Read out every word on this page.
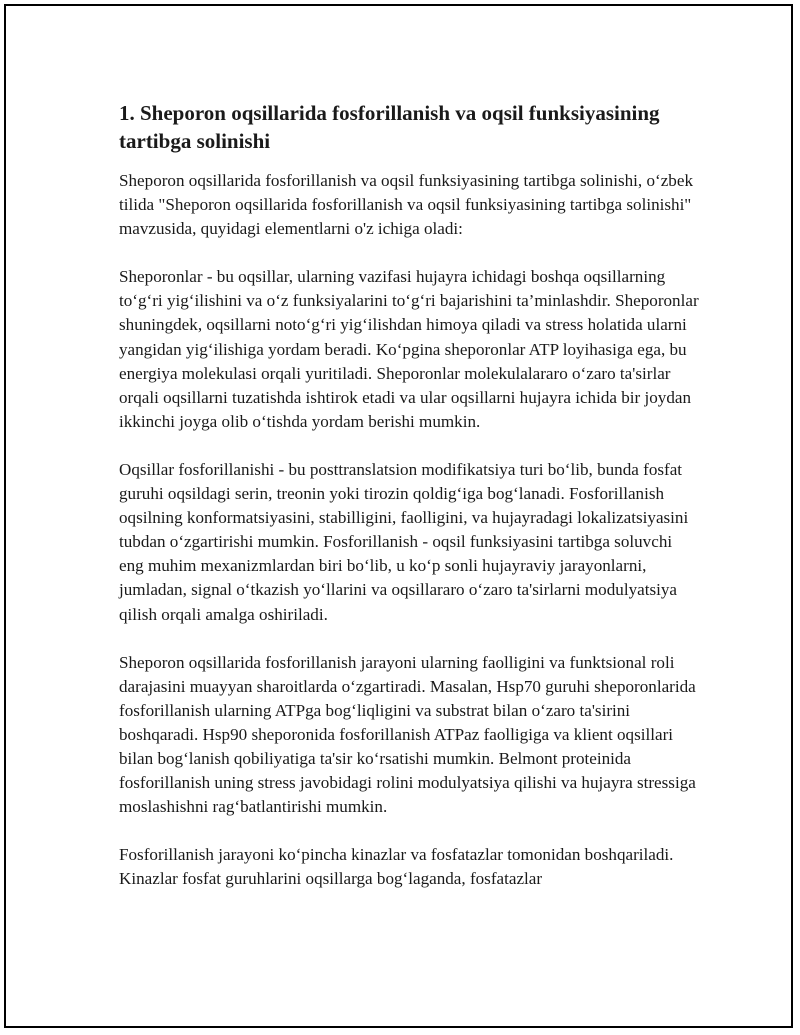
1. Sheporon oqsillarida fosforillanish va oqsil funksiyasining tartibga solinishi

Sheporon oqsillarida fosforillanish va oqsil funksiyasining tartibga solinishi, o‘zbek tilida "Sheporon oqsillarida fosforillanish va oqsil funksiyasining tartibga solinishi" mavzusida, quyidagi elementlarni o'z ichiga oladi:

Sheporonlar - bu oqsillar, ularning vazifasi hujayra ichidagi boshqa oqsillarning to‘g‘ri yig‘ilishini va o‘z funksiyalarini to‘g‘ri bajarishini ta’minlashdir. Sheporonlar shuningdek, oqsillarni noto‘g‘ri yig‘ilishdan himoya qiladi va stress holatida ularni yangidan yig‘ilishiga yordam beradi. Ko‘pgina sheporonlar ATP loyihasiga ega, bu energiya molekulasi orqali yuritiladi. Sheporonlar molekulalararo o‘zaro ta'sirlar orqali oqsillarni tuzatishda ishtirok etadi va ular oqsillarni hujayra ichida bir joydan ikkinchi joyga olib o‘tishda yordam berishi mumkin.

Oqsillar fosforillanishi - bu posttranslatsion modifikatsiya turi bo‘lib, bunda fosfat guruhi oqsildagi serin, treonin yoki tirozin qoldig‘iga bog‘lanadi. Fosforillanish oqsilning konformatsiyasini, stabilligini, faolligini, va hujayradagi lokalizatsiyasini tubdan o‘zgartirishi mumkin. Fosforillanish - oqsil funksiyasini tartibga soluvchi eng muhim mexanizmlardan biri bo‘lib, u ko‘p sonli hujayraviy jarayonlarni, jumladan, signal o‘tkazish yo‘llarini va oqsillararo o‘zaro ta'sirlarni modulyatsiya qilish orqali amalga oshiriladi.

Sheporon oqsillarida fosforillanish jarayoni ularning faolligini va funktsional roli darajasini muayyan sharoitlarda o‘zgartiradi. Masalan, Hsp70 guruhi sheporonlarida fosforillanish ularning ATPga bog‘liqligini va substrat bilan o‘zaro ta'sirini boshqaradi. Hsp90 sheporonida fosforillanish ATPaz faolligiga va klient oqsillari bilan bog‘lanish qobiliyatiga ta'sir ko‘rsatishi mumkin. Belmont proteinida fosforillanish uning stress javobidagi rolini modulyatsiya qilishi va hujayra stressiga moslashishni rag‘batlantirishi mumkin.

Fosforillanish jarayoni ko‘pincha kinazlar va fosfatazlar tomonidan boshqariladi. Kinazlar fosfat guruhlarini oqsillarga bog‘laganda, fosfatazlar
